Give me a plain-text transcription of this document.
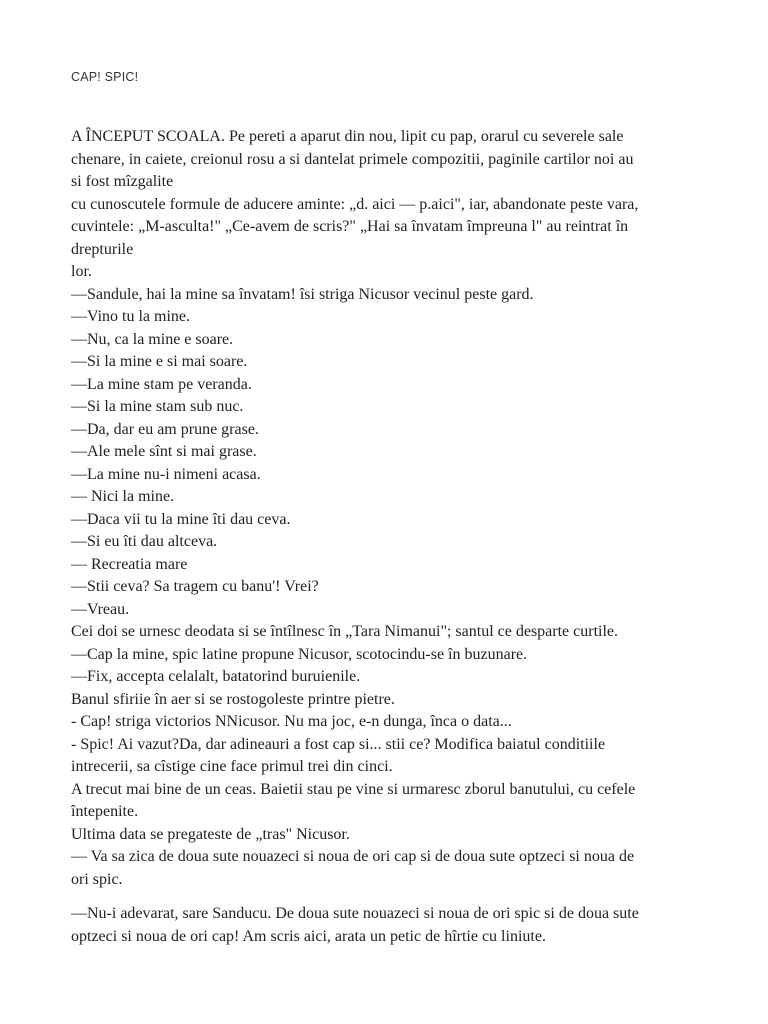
CAP! SPIC!

A ÎNCEPUT SCOALA. Pe pereti a aparut din nou, lipit cu pap, orarul cu severele sale
chenare, in caiete, creionul rosu a si dantelat primele compozitii, paginile cartilor noi au
si fost mîzgalite
cu cunoscutele formule de aducere aminte: „d. aici — p.aici", iar, abandonate peste vara,
cuvintele: „M-asculta!" „Ce-avem de scris?" „Hai sa învatam împreuna l" au reintrat în
drepturile
lor.
—Sandule, hai la mine sa învatam! îsi striga Nicusor vecinul peste gard.
—Vino tu la mine.
—Nu, ca la mine e soare.
—Si la mine e si mai soare.
—La mine stam pe veranda.
—Si la mine stam sub nuc.
—Da, dar eu am prune grase.
—Ale mele sînt si mai grase.
—La mine nu-i nimeni acasa.
— Nici la mine.
—Daca vii tu la mine îti dau ceva.
—Si eu îti dau altceva.
— Recreatia mare
—Stii ceva? Sa tragem cu banu'! Vrei?
—Vreau.
Cei doi se urnesc deodata si se întîlnesc în „Tara Nimanui"; santul ce desparte curtile.
—Cap la mine, spic latine propune Nicusor, scotocindu-se în buzunare.
—Fix, accepta celalalt, batatorind buruienile.
Banul sfiriie în aer si se rostogoleste printre pietre.
- Cap! striga victorios NNicusor. Nu ma joc, e-n dunga, înca o data...
- Spic! Ai vazut?Da, dar adineauri a fost cap si... stii ce? Modifica baiatul conditiile
intrecerii, sa cîstige cine face primul trei din cinci.
A trecut mai bine de un ceas. Baietii stau pe vine si urmaresc zborul banutului, cu cefele
întepenite.
Ultima data se pregateste de „tras" Nicusor.
— Va sa zica de doua sute nouazeci si noua de ori cap si de doua sute optzeci si noua de
ori spic.
—Nu-i adevarat, sare Sanducu. De doua sute nouazeci si noua de ori spic si de doua sute
optzeci si noua de ori cap! Am scris aici, arata un petic de hîrtie cu liniute.
